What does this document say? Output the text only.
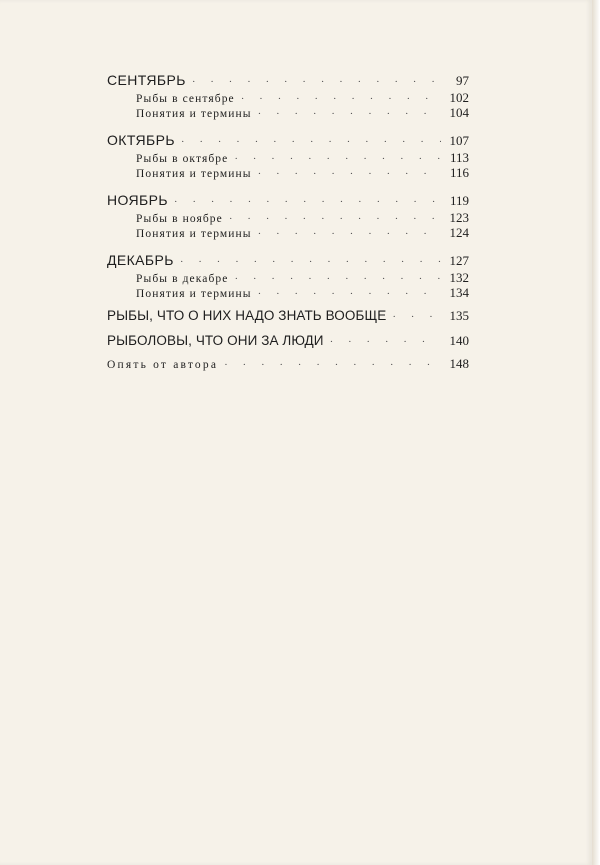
СЕНТЯБРЬ · · ·	97
Рыбы в сентябре · · ·	102
Понятия и термины · · ·	104
ОКТЯБРЬ · · ·	107
Рыбы в октябре · · ·	113
Понятия и термины · · ·	116
НОЯБРЬ · · ·	119
Рыбы в ноябре · · ·	123
Понятия и термины · · ·	124
ДЕКАБРЬ · · ·	127
Рыбы в декабре · · ·	132
Понятия и термины · · ·	134
РЫБЫ, ЧТО О НИХ НАДО ЗНАТЬ ВООБЩЕ · · ·	135
РЫБОЛОВЫ, ЧТО ОНИ ЗА ЛЮДИ · · ·	140
Опять от автора · · ·	148
